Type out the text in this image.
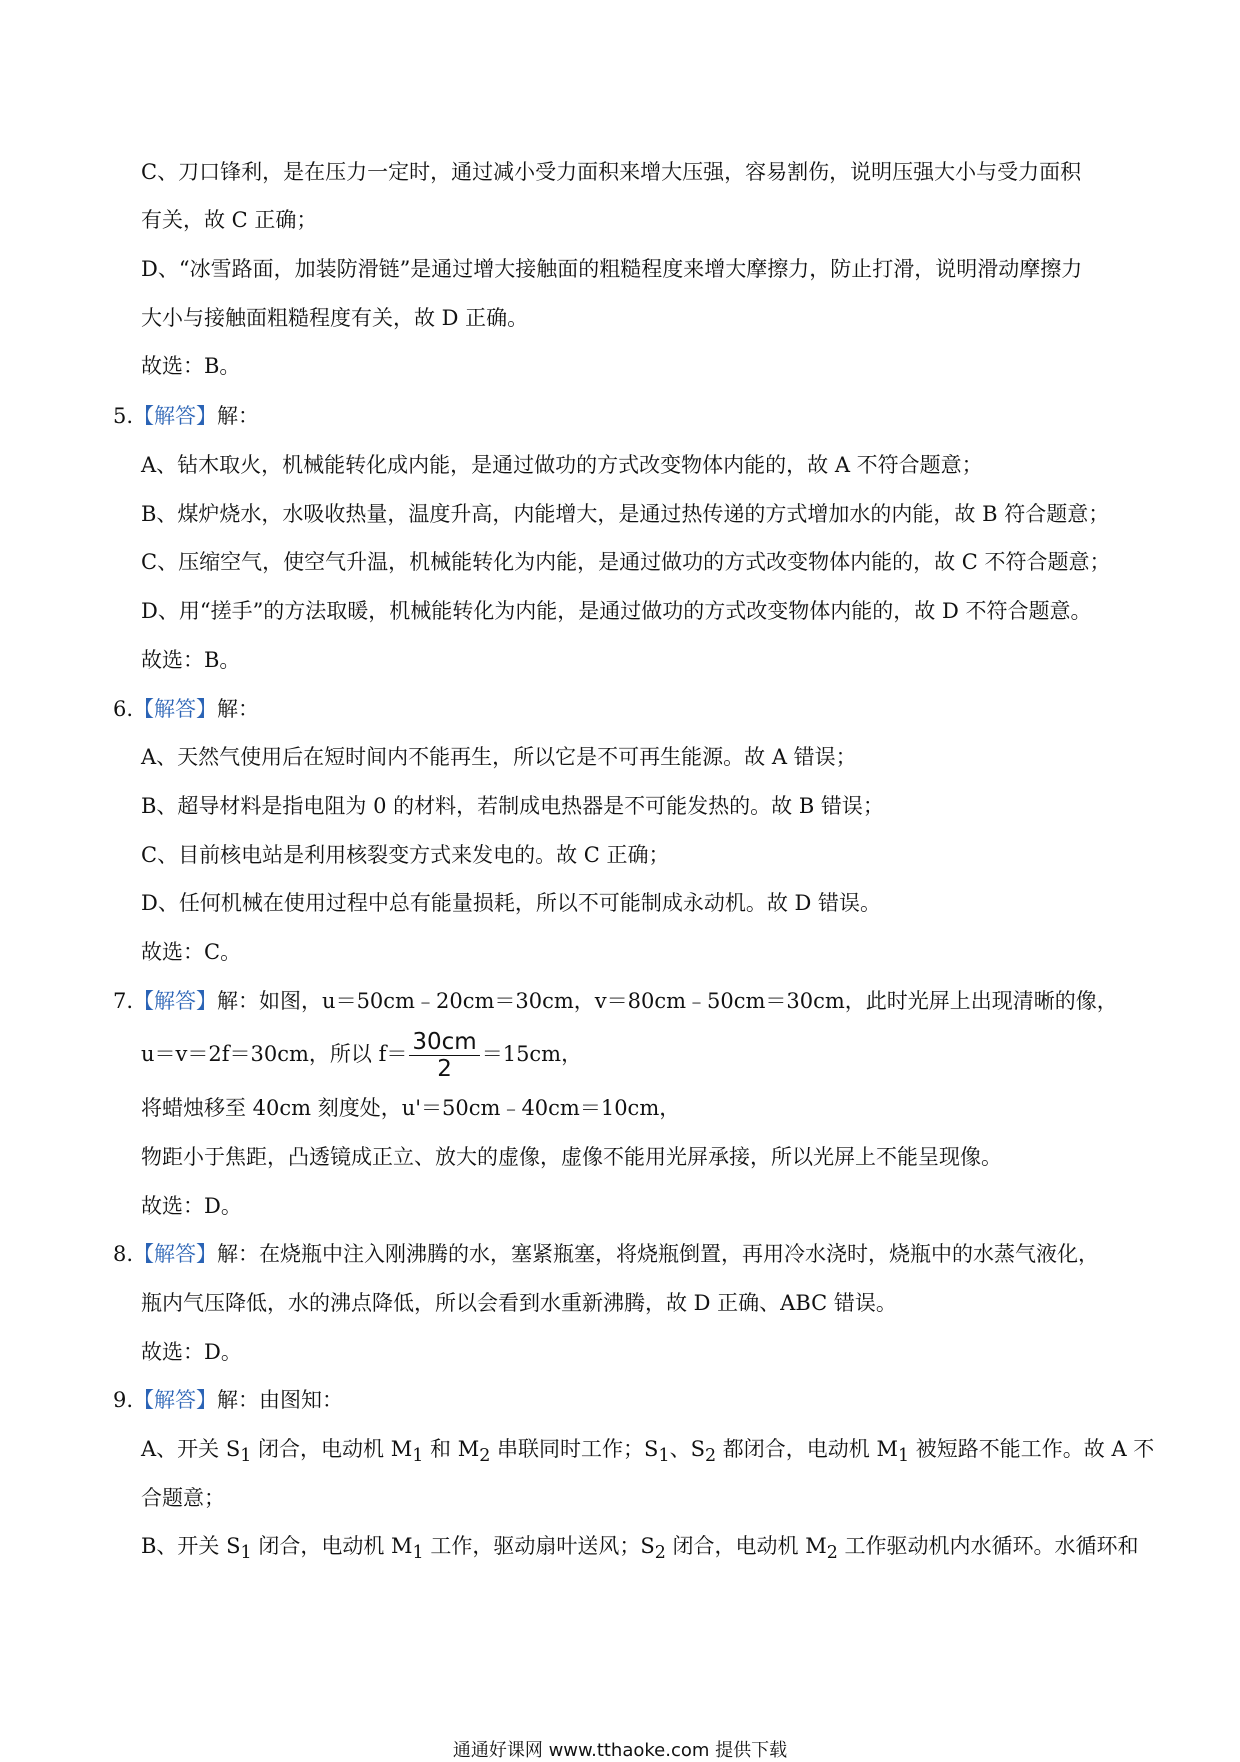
C、刀口锋利，是在压力一定时，通过减小受力面积来增大压强，容易割伤，说明压强大小与受力面积
有关，故 C 正确；
D、“冰雪路面，加装防滑链”是通过增大接触面的粗糙程度来增大摩擦力，防止打滑，说明滑动摩擦力
大小与接触面粗糙程度有关，故 D 正确。
故选：B。
5.【解答】解：
A、钻木取火，机械能转化成内能，是通过做功的方式改变物体内能的，故 A 不符合题意；
B、煤炉烧水，水吸收热量，温度升高，内能增大，是通过热传递的方式增加水的内能，故 B 符合题意；
C、压缩空气，使空气升温，机械能转化为内能，是通过做功的方式改变物体内能的，故 C 不符合题意；
D、用“搓手”的方法取暖，机械能转化为内能，是通过做功的方式改变物体内能的，故 D 不符合题意。
故选：B。
6.【解答】解：
A、天然气使用后在短时间内不能再生，所以它是不可再生能源。故 A 错误；
B、超导材料是指电阻为 0 的材料，若制成电热器是不可能发热的。故 B 错误；
C、目前核电站是利用核裂变方式来发电的。故 C 正确；
D、任何机械在使用过程中总有能量损耗，所以不可能制成永动机。故 D 错误。
故选：C。
7.【解答】解：如图，u＝50cm﹣20cm＝30cm，v＝80cm﹣50cm＝30cm，此时光屏上出现清晰的像，
u＝v＝2f＝30cm，所以 $f= \frac{30cm}{2} =15cm$，
将蜡烛移至 40cm 刻度处，u'＝50cm﹣40cm＝10cm，
物距小于焦距，凸透镜成正立、放大的虚像，虚像不能用光屏承接，所以光屏上不能呈现像。
故选：D。
8.【解答】解：在烧瓶中注入刚沸腾的水，塞紧瓶塞，将烧瓶倒置，再用冷水浇时，烧瓶中的水蒸气液化，
瓶内气压降低，水的沸点降低，所以会看到水重新沸腾，故 D 正确、ABC 错误。
故选：D。
9.【解答】解：由图知：
A、开关 $S_1$ 闭合，电动机 $M_1$ 和 $M_2$ 串联同时工作；$S_1$、$S_2$ 都闭合，电动机 $M_1$ 被短路不能工作。故 A 不
合题意；
B、开关 $S_1$ 闭合，电动机 $M_1$ 工作，驱动扇叶送风；$S_2$ 闭合，电动机 $M_2$ 工作驱动机内水循环。水循环和
通通好课网 www.tthaoke.com 提供下载
